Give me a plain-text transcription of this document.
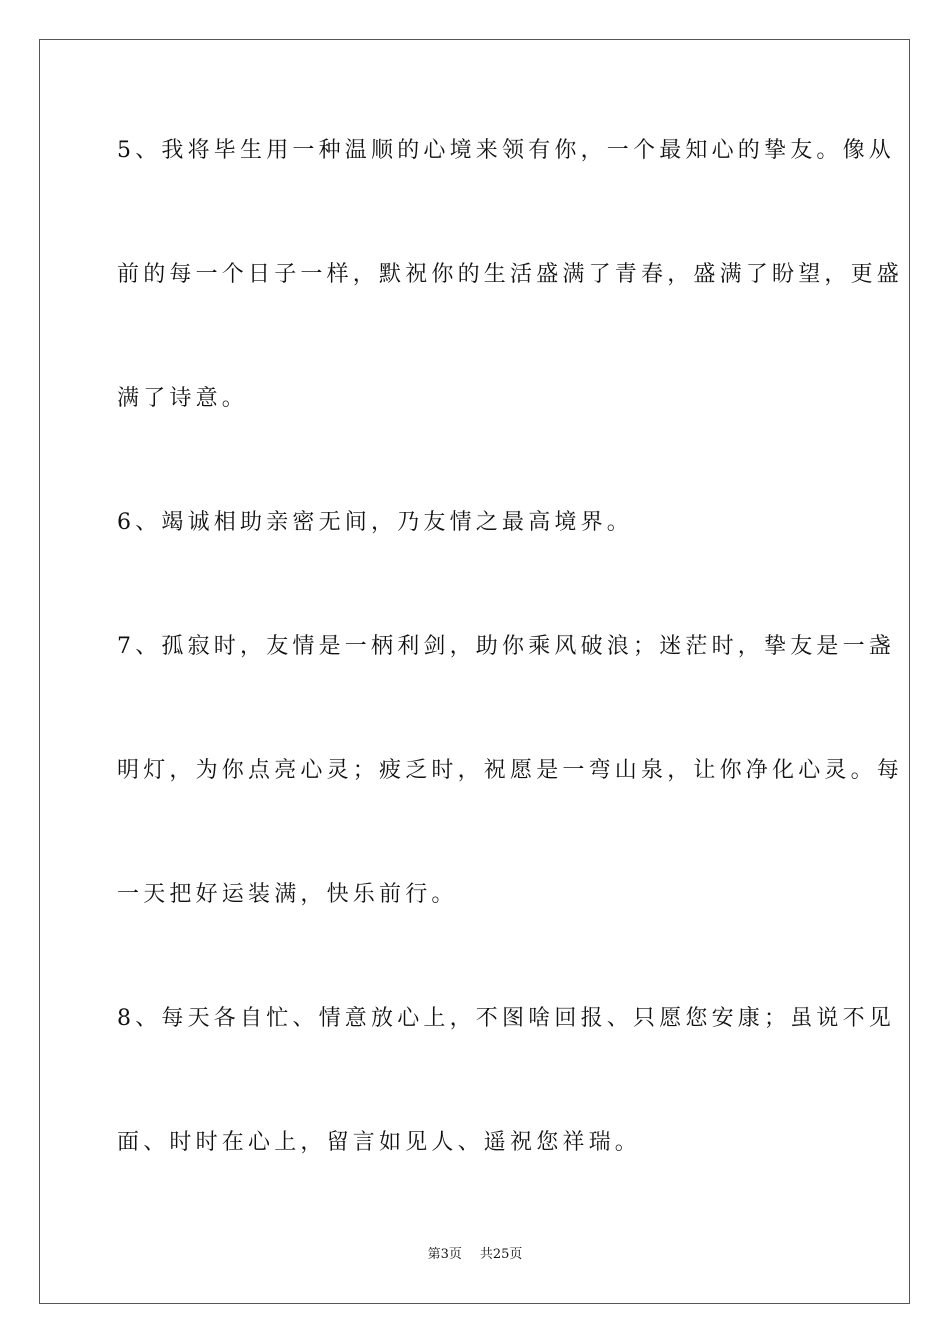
5、我将毕生用一种温顺的心境来领有你，一个最知心的挚友。像从
前的每一个日子一样，默祝你的生活盛满了青春，盛满了盼望，更盛
满了诗意。
6、竭诚相助亲密无间，乃友情之最高境界。
7、孤寂时，友情是一柄利剑，助你乘风破浪；迷茫时，挚友是一盏
明灯，为你点亮心灵；疲乏时，祝愿是一弯山泉，让你净化心灵。每
一天把好运装满，快乐前行。
8、每天各自忙、情意放心上，不图啥回报、只愿您安康；虽说不见
面、时时在心上，留言如见人、遥祝您祥瑞。
第3页 共25页
